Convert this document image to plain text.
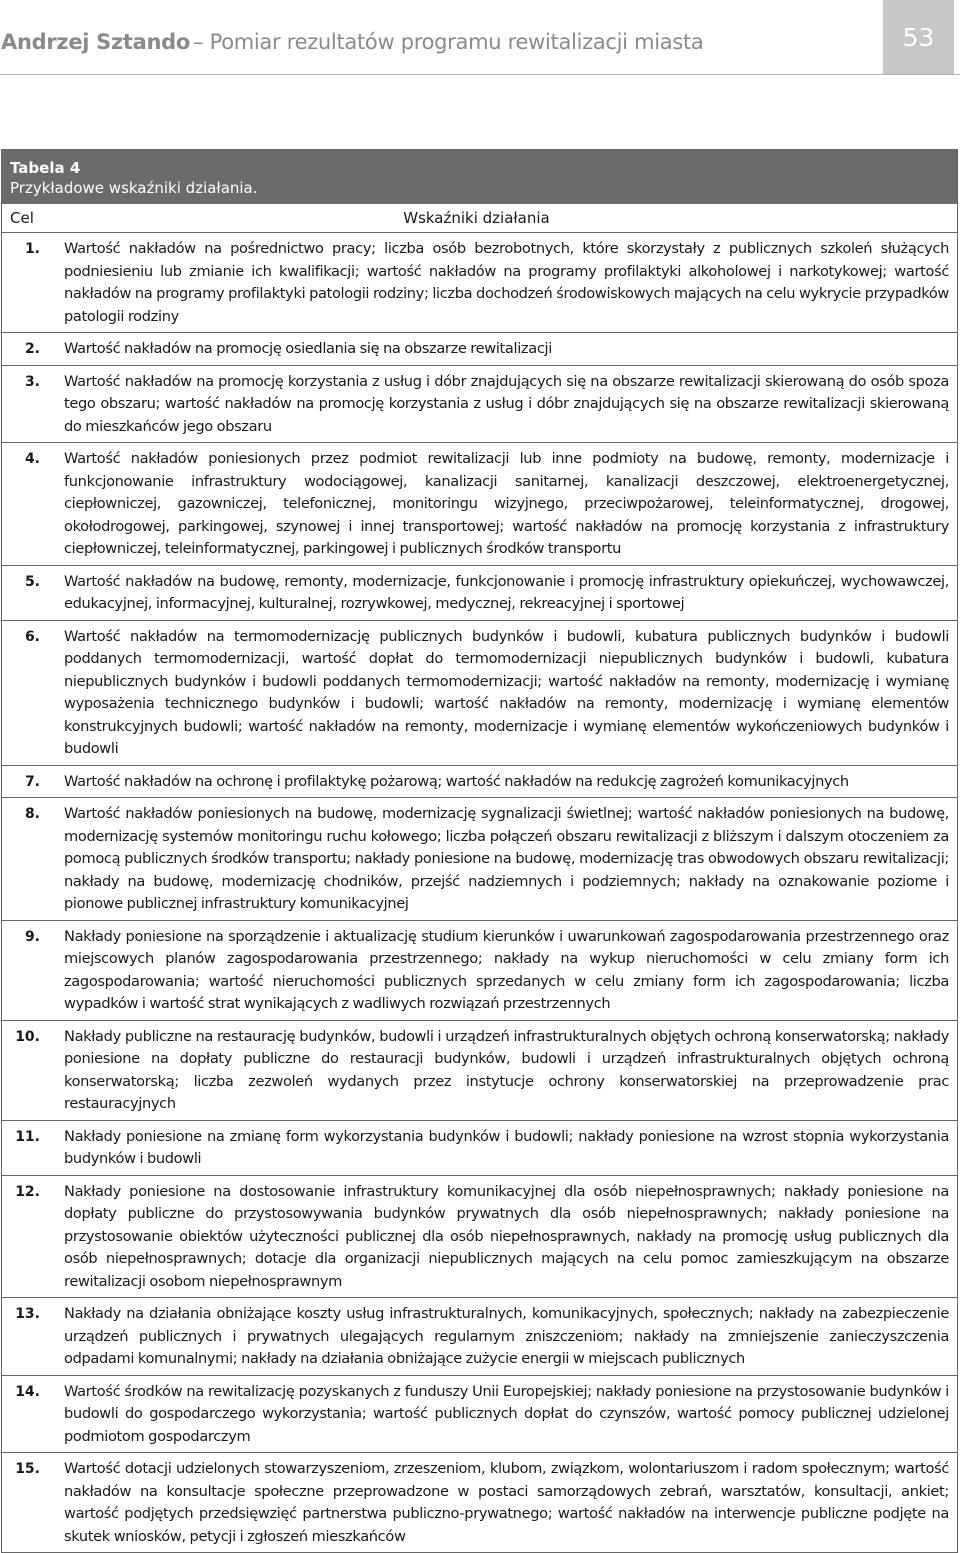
Andrzej Sztando – Pomiar rezultatów programu rewitalizacji miasta	53
Tabela 4
Przykładowe wskaźniki działania.
Cel	Wskaźniki działania
1.	Wartość nakładów na pośrednictwo pracy; liczba osób bezrobotnych, które skorzystały z publicznych szkoleń służących podniesieniu lub zmianie ich kwalifikacji; wartość nakładów na programy profilaktyki alkoholowej i narkotykowej; wartość nakładów na programy profilaktyki patologii rodziny; liczba dochodzeń środowiskowych mających na celu wykrycie przypadków patologii rodziny
2.	Wartość nakładów na promocję osiedlania się na obszarze rewitalizacji
3.	Wartość nakładów na promocję korzystania z usług i dóbr znajdujących się na obszarze rewitalizacji skierowaną do osób spoza tego obszaru; wartość nakładów na promocję korzystania z usług i dóbr znajdujących się na obszarze rewitalizacji skierowaną do mieszkańców jego obszaru
4.	Wartość nakładów poniesionych przez podmiot rewitalizacji lub inne podmioty na budowę, remonty, modernizacje i funkcjonowanie infrastruktury wodociągowej, kanalizacji sanitarnej, kanalizacji deszczowej, elektroenergetycznej, ciepłowniczej, gazowniczej, telefonicznej, monitoringu wizyjnego, przeciwpożarowej, teleinformatycznej, drogowej, okołodrogowej, parkingowej, szynowej i innej transportowej; wartość nakładów na promocję korzystania z infrastruktury ciepłowniczej, teleinformatycznej, parkingowej i publicznych środków transportu
5.	Wartość nakładów na budowę, remonty, modernizacje, funkcjonowanie i promocję infrastruktury opiekuńczej, wychowawczej, edukacyjnej, informacyjnej, kulturalnej, rozrywkowej, medycznej, rekreacyjnej i sportowej
6.	Wartość nakładów na termomodernizację publicznych budynków i budowli, kubatura publicznych budynków i budowli poddanych termomodernizacji, wartość dopłat do termomodernizacji niepublicznych budynków i budowli, kubatura niepublicznych budynków i budowli poddanych termomodernizacji; wartość nakładów na remonty, modernizację i wymianę wyposażenia technicznego budynków i budowli; wartość nakładów na remonty, modernizację i wymianę elementów konstrukcyjnych budowli; wartość nakładów na remonty, modernizacje i wymianę elementów wykończeniowych budynków i budowli
7.	Wartość nakładów na ochronę i profilaktykę pożarową; wartość nakładów na redukcję zagrożeń komunikacyjnych
8.	Wartość nakładów poniesionych na budowę, modernizację sygnalizacji świetlnej; wartość nakładów poniesionych na budowę, modernizację systemów monitoringu ruchu kołowego; liczba połączeń obszaru rewitalizacji z bliższym i dalszym otoczeniem za pomocą publicznych środków transportu; nakłady poniesione na budowę, modernizację tras obwodowych obszaru rewitalizacji; nakłady na budowę, modernizację chodników, przejść nadziemnych i podziemnych; nakłady na oznakowanie poziome i pionowe publicznej infrastruktury komunikacyjnej
9.	Nakłady poniesione na sporządzenie i aktualizację studium kierunków i uwarunkowań zagospodarowania przestrzennego oraz miejscowych planów zagospodarowania przestrzennego; nakłady na wykup nieruchomości w celu zmiany form ich zagospodarowania; wartość nieruchomości publicznych sprzedanych w celu zmiany form ich zagospodarowania; liczba wypadków i wartość strat wynikających z wadliwych rozwiązań przestrzennych
10.	Nakłady publiczne na restaurację budynków, budowli i urządzeń infrastrukturalnych objętych ochroną konserwatorską; nakłady poniesione na dopłaty publiczne do restauracji budynków, budowli i urządzeń infrastrukturalnych objętych ochroną konserwatorską; liczba zezwoleń wydanych przez instytucje ochrony konserwatorskiej na przeprowadzenie prac restauracyjnych
11.	Nakłady poniesione na zmianę form wykorzystania budynków i budowli; nakłady poniesione na wzrost stopnia wykorzystania budynków i budowli
12.	Nakłady poniesione na dostosowanie infrastruktury komunikacyjnej dla osób niepełnosprawnych; nakłady poniesione na dopłaty publiczne do przystosowywania budynków prywatnych dla osób niepełnosprawnych; nakłady poniesione na przystosowanie obiektów użyteczności publicznej dla osób niepełnosprawnych, nakłady na promocję usług publicznych dla osób niepełnosprawnych; dotacje dla organizacji niepublicznych mających na celu pomoc zamieszkującym na obszarze rewitalizacji osobom niepełnosprawnym
13.	Nakłady na działania obniżające koszty usług infrastrukturalnych, komunikacyjnych, społecznych; nakłady na zabezpieczenie urządzeń publicznych i prywatnych ulegających regularnym zniszczeniom; nakłady na zmniejszenie zanieczyszczenia odpadami komunalnymi; nakłady na działania obniżające zużycie energii w miejscach publicznych
14.	Wartość środków na rewitalizację pozyskanych z funduszy Unii Europejskiej; nakłady poniesione na przystosowanie budynków i budowli do gospodarczego wykorzystania; wartość publicznych dopłat do czynszów, wartość pomocy publicznej udzielonej podmiotom gospodarczym
15.	Wartość dotacji udzielonych stowarzyszeniom, zrzeszeniom, klubom, związkom, wolontariuszom i radom społecznym; wartość nakładów na konsultacje społeczne przeprowadzone w postaci samorządowych zebrań, warsztatów, konsultacji, ankiet; wartość podjętych przedsięwzięć partnerstwa publiczno-prywatnego; wartość nakładów na interwencje publiczne podjęte na skutek wniosków, petycji i zgłoszeń mieszkańców
